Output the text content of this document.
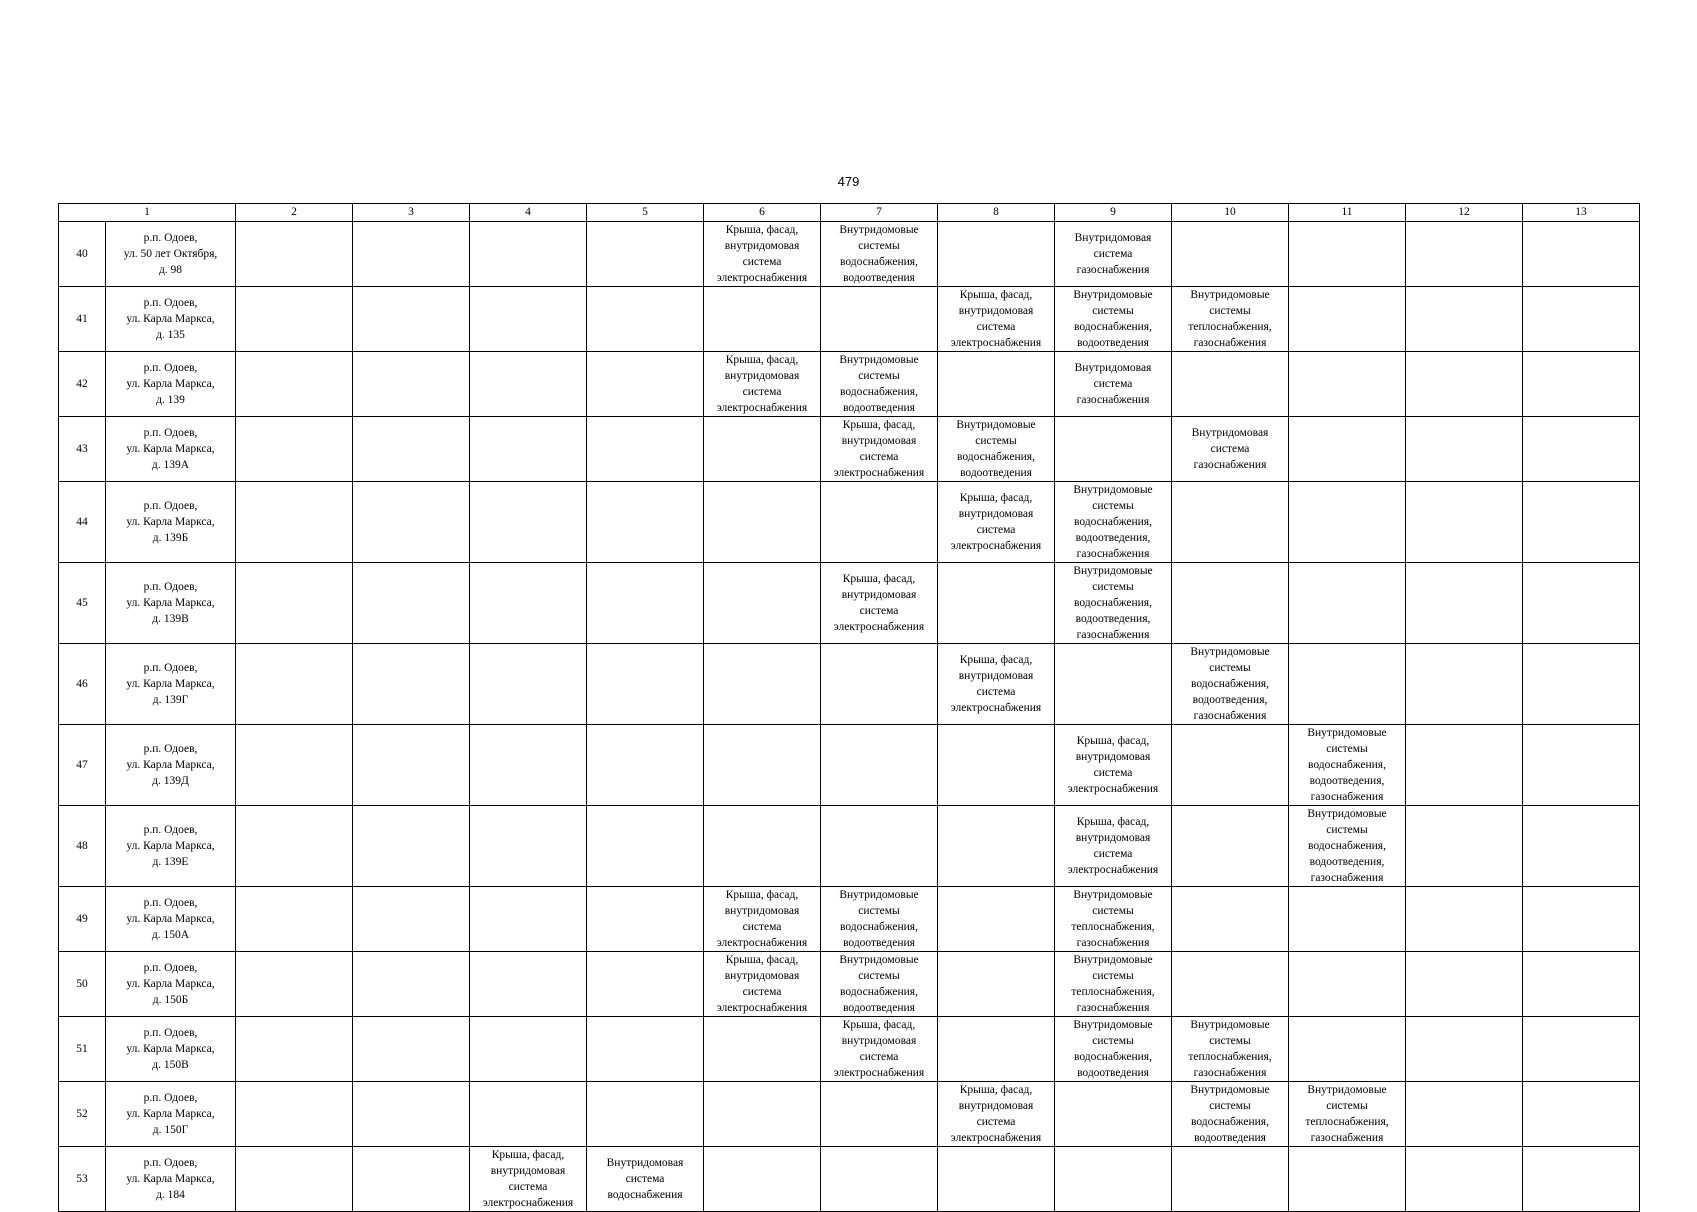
479
1		2	3	4	5	6	7	8	9	10	11	12	13
40	р.п. Одоев,
ул. 50 лет Октября,
д. 98					Крыша, фасад,
внутридомовая
система
электроснабжения	Внутридомовые
системы
водоснабжения,
водоотведения		Внутридомовая
система
газоснабжения				

41	р.п. Одоев,
ул. Карла Маркса,
д. 135							Крыша, фасад,
внутридомовая
система
электроснабжения	Внутридомовые
системы
водоснабжения,
водоотведения	Внутридомовые
системы
теплоснабжения,
газоснабжения			

42	р.п. Одоев,
ул. Карла Маркса,
д. 139					Крыша, фасад,
внутридомовая
система
электроснабжения	Внутридомовые
системы
водоснабжения,
водоотведения		Внутридомовая
система
газоснабжения				

43	р.п. Одоев,
ул. Карла Маркса,
д. 139А						Крыша, фасад,
внутридомовая
система
электроснабжения	Внутридомовые
системы
водоснабжения,
водоотведения		Внутридомовая
система
газоснабжения			

44	р.п. Одоев,
ул. Карла Маркса,
д. 139Б							Крыша, фасад,
внутридомовая
система
электроснабжения	Внутридомовые
системы
водоснабжения,
водоотведения,
газоснабжения				

45	р.п. Одоев,
ул. Карла Маркса,
д. 139В						Крыша, фасад,
внутридомовая
система
электроснабжения		Внутридомовые
системы
водоснабжения,
водоотведения,
газоснабжения				

46	р.п. Одоев,
ул. Карла Маркса,
д. 139Г							Крыша, фасад,
внутридомовая
система
электроснабжения		Внутридомовые
системы
водоснабжения,
водоотведения,
газоснабжения			

47	р.п. Одоев,
ул. Карла Маркса,
д. 139Д								Крыша, фасад,
внутридомовая
система
электроснабжения		Внутридомовые
системы
водоснабжения,
водоотведения,
газоснабжения		

48	р.п. Одоев,
ул. Карла Маркса,
д. 139Е								Крыша, фасад,
внутридомовая
система
электроснабжения		Внутридомовые
системы
водоснабжения,
водоотведения,
газоснабжения		

49	р.п. Одоев,
ул. Карла Маркса,
д. 150А					Крыша, фасад,
внутридомовая
система
электроснабжения	Внутридомовые
системы
водоснабжения,
водоотведения		Внутридомовые
системы
теплоснабжения,
газоснабжения				

50	р.п. Одоев,
ул. Карла Маркса,
д. 150Б					Крыша, фасад,
внутридомовая
система
электроснабжения	Внутридомовые
системы
водоснабжения,
водоотведения		Внутридомовые
системы
теплоснабжения,
газоснабжения				

51	р.п. Одоев,
ул. Карла Маркса,
д. 150В						Крыша, фасад,
внутридомовая
система
электроснабжения		Внутридомовые
системы
водоснабжения,
водоотведения	Внутридомовые
системы
теплоснабжения,
газоснабжения			

52	р.п. Одоев,
ул. Карла Маркса,
д. 150Г							Крыша, фасад,
внутридомовая
система
электроснабжения		Внутридомовые
системы
водоснабжения,
водоотведения	Внутридомовые
системы
теплоснабжения,
газоснабжения		

53	р.п. Одоев,
ул. Карла Маркса,
д. 184			Крыша, фасад,
внутридомовая
система
электроснабжения	Внутридомовая
система
водоснабжения								
